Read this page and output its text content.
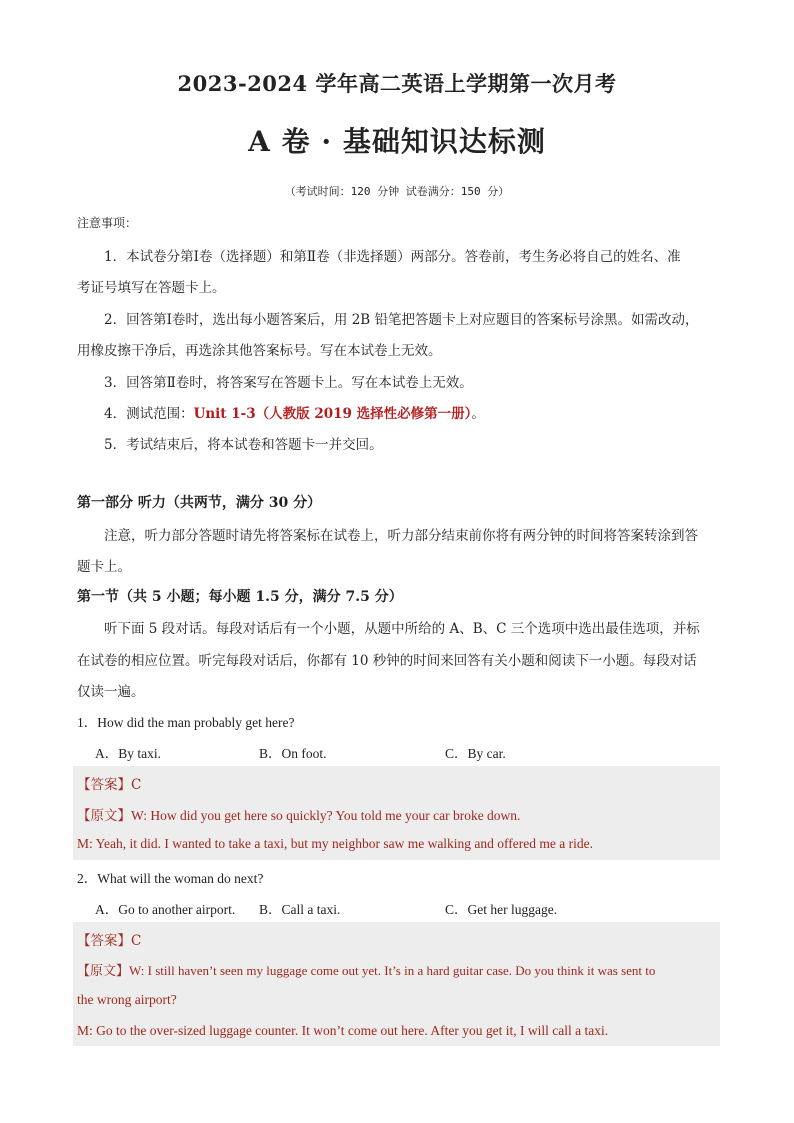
2023-2024 学年高二英语上学期第一次月考
A 卷 · 基础知识达标测
（考试时间：120 分钟 试卷满分：150 分）
注意事项：
1．本试卷分第Ⅰ卷（选择题）和第Ⅱ卷（非选择题）两部分。答卷前，考生务必将自己的姓名、准
考证号填写在答题卡上。
2．回答第Ⅰ卷时，选出每小题答案后，用 2B 铅笔把答题卡上对应题目的答案标号涂黑。如需改动，
用橡皮擦干净后，再选涂其他答案标号。写在本试卷上无效。
3．回答第Ⅱ卷时，将答案写在答题卡上。写在本试卷上无效。
4．测试范围：Unit 1-3（人教版 2019 选择性必修第一册）。
5．考试结束后，将本试卷和答题卡一并交回。
第一部分 听力（共两节，满分 30 分）
注意，听力部分答题时请先将答案标在试卷上，听力部分结束前你将有两分钟的时间将答案转涂到答
题卡上。
第一节（共 5 小题；每小题 1.5 分，满分 7.5 分）
听下面 5 段对话。每段对话后有一个小题，从题中所给的 A、B、C 三个选项中选出最佳选项，并标
在试卷的相应位置。听完每段对话后，你都有 10 秒钟的时间来回答有关小题和阅读下一小题。每段对话
仅读一遍。
1．How did the man probably get here?
A．By taxi.	B．On foot.	C．By car.
【答案】C
【原文】W: How did you get here so quickly? You told me your car broke down.
M: Yeah, it did. I wanted to take a taxi, but my neighbor saw me walking and offered me a ride.
2．What will the woman do next?
A．Go to another airport. B．Call a taxi.	C．Get her luggage.
【答案】C
【原文】W: I still haven’t seen my luggage come out yet. It’s in a hard guitar case. Do you think it was sent to
the wrong airport?
M: Go to the over-sized luggage counter. It won’t come out here. After you get it, I will call a taxi.
